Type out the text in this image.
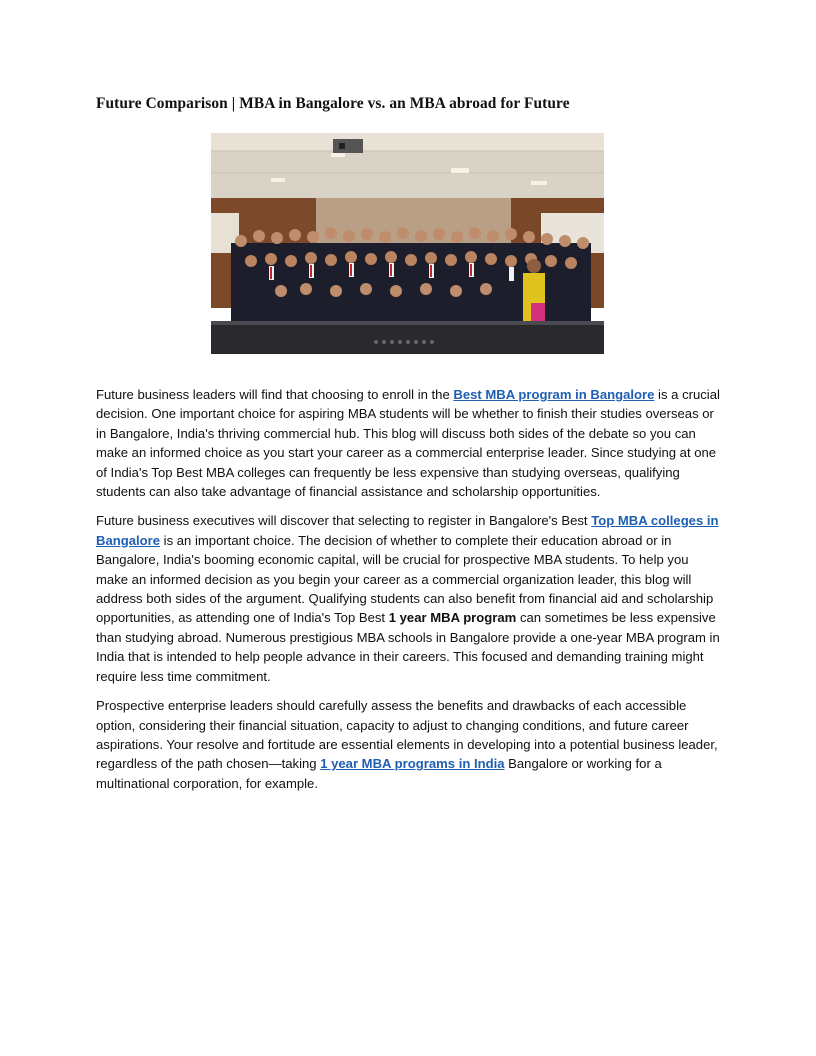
Future Comparison | MBA in Bangalore vs. an MBA abroad for Future

Future business leaders will find that choosing to enroll in the Best MBA program in Bangalore is a crucial decision. One important choice for aspiring MBA students will be whether to finish their studies overseas or in Bangalore, India's thriving commercial hub. This blog will discuss both sides of the debate so you can make an informed choice as you start your career as a commercial enterprise leader. Since studying at one of India's Top Best MBA colleges can frequently be less expensive than studying overseas, qualifying students can also take advantage of financial assistance and scholarship opportunities.

Future business executives will discover that selecting to register in Bangalore's Best Top MBA colleges in Bangalore is an important choice. The decision of whether to complete their education abroad or in Bangalore, India's booming economic capital, will be crucial for prospective MBA students. To help you make an informed decision as you begin your career as a commercial organization leader, this blog will address both sides of the argument. Qualifying students can also benefit from financial aid and scholarship opportunities, as attending one of India's Top Best 1 year MBA program can sometimes be less expensive than studying abroad. Numerous prestigious MBA schools in Bangalore provide a one-year MBA program in India that is intended to help people advance in their careers. This focused and demanding training might require less time commitment.

Prospective enterprise leaders should carefully assess the benefits and drawbacks of each accessible option, considering their financial situation, capacity to adjust to changing conditions, and future career aspirations. Your resolve and fortitude are essential elements in developing into a potential business leader, regardless of the path chosen—taking 1 year MBA programs in India Bangalore or working for a multinational corporation, for example.
